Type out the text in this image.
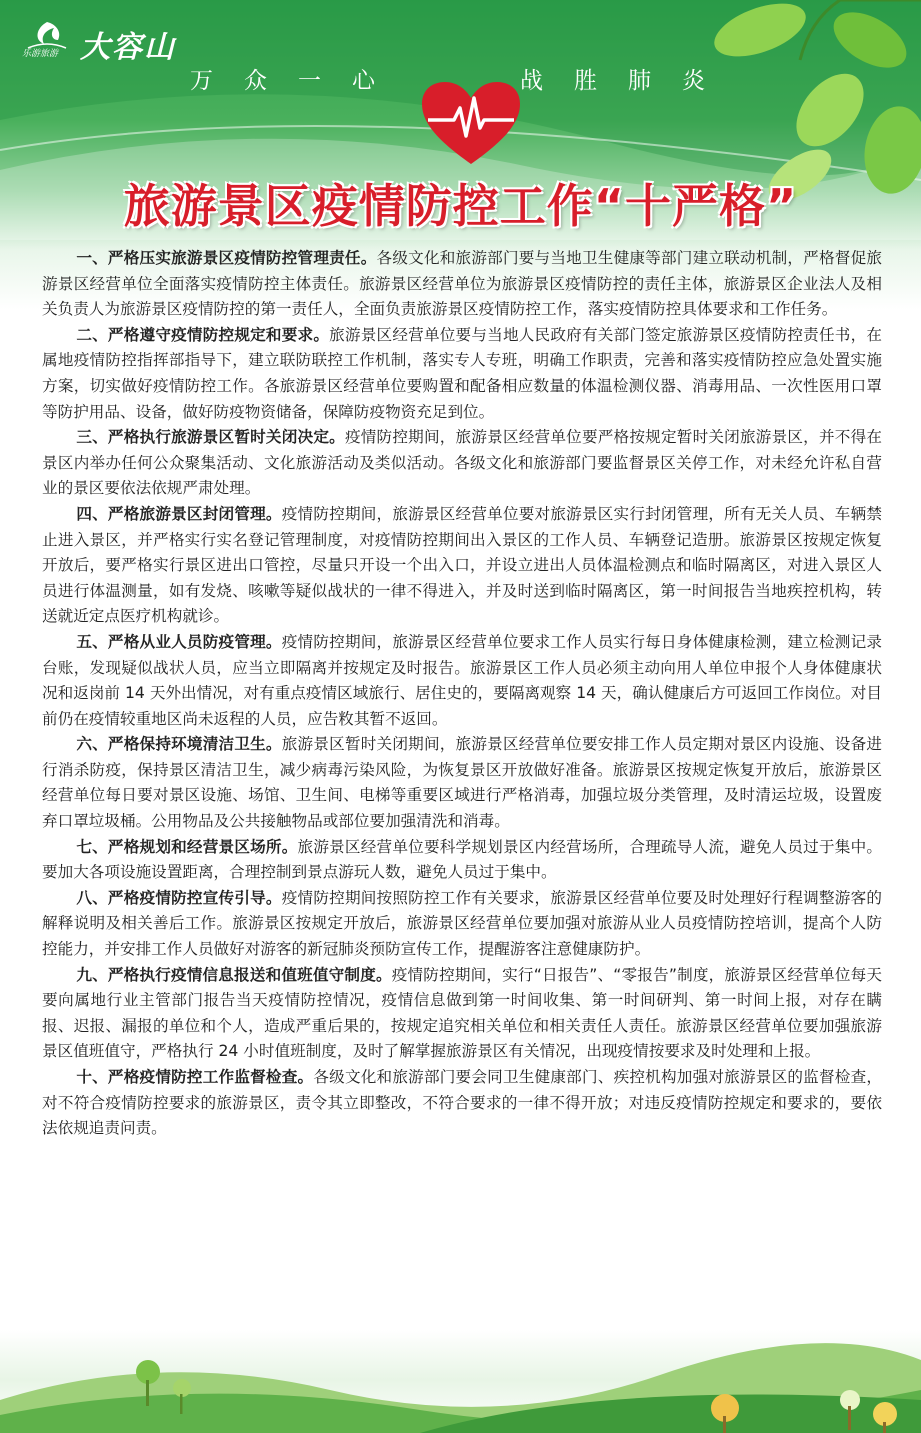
乐游旅游 大容山
万众一心	战胜肺炎
旅游景区疫情防控工作“十严格”

一、严格压实旅游景区疫情防控管理责任。各级文化和旅游部门要与当地卫生健康等部门建立联动机制，严格督促旅游景区经营单位全面落实疫情防控主体责任。旅游景区经营单位为旅游景区疫情防控的责任主体，旅游景区企业法人及相关负责人为旅游景区疫情防控的第一责任人，全面负责旅游景区疫情防控工作，落实疫情防控具体要求和工作任务。

二、严格遵守疫情防控规定和要求。旅游景区经营单位要与当地人民政府有关部门签定旅游景区疫情防控责任书，在属地疫情防控指挥部指导下，建立联防联控工作机制，落实专人专班，明确工作职责，完善和落实疫情防控应急处置实施方案，切实做好疫情防控工作。各旅游景区经营单位要购置和配备相应数量的体温检测仪器、消毒用品、一次性医用口罩等防护用品、设备，做好防疫物资储备，保障防疫物资充足到位。

三、严格执行旅游景区暂时关闭决定。疫情防控期间，旅游景区经营单位要严格按规定暂时关闭旅游景区，并不得在景区内举办任何公众聚集活动、文化旅游活动及类似活动。各级文化和旅游部门要监督景区关停工作，对未经允许私自营业的景区要依法依规严肃处理。

四、严格旅游景区封闭管理。疫情防控期间，旅游景区经营单位要对旅游景区实行封闭管理，所有无关人员、车辆禁止进入景区，并严格实行实名登记管理制度，对疫情防控期间出入景区的工作人员、车辆登记造册。旅游景区按规定恢复开放后，要严格实行景区进出口管控，尽量只开设一个出入口，并设立进出人员体温检测点和临时隔离区，对进入景区人员进行体温测量，如有发烧、咳嗽等疑似战状的一律不得进入，并及时送到临时隔离区，第一时间报告当地疾控机构，转送就近定点医疗机构就诊。

五、严格从业人员防疫管理。疫情防控期间，旅游景区经营单位要求工作人员实行每日身体健康检测，建立检测记录台账，发现疑似战状人员，应当立即隔离并按规定及时报告。旅游景区工作人员必须主动向用人单位申报个人身体健康状况和返岗前 14 天外出情况，对有重点疫情区域旅行、居住史的，要隔离观察 14 天，确认健康后方可返回工作岗位。对目前仍在疫情较重地区尚未返程的人员，应告敉其暂不返回。

六、严格保持环境清洁卫生。旅游景区暂时关闭期间，旅游景区经营单位要安排工作人员定期对景区内设施、设备进行消杀防疫，保持景区清洁卫生，减少病毒污染风险，为恢复景区开放做好准备。旅游景区按规定恢复开放后，旅游景区经营单位每日要对景区设施、场馆、卫生间、电梯等重要区域进行严格消毒，加强垃圾分类管理，及时清运垃圾，设置废弃口罩垃圾桶。公用物品及公共接触物品或部位要加强清洗和消毒。

七、严格规划和经营景区场所。旅游景区经营单位要科学规划景区内经营场所，合理疏导人流，避免人员过于集中。要加大各项设施设置距离，合理控制到景点游玩人数，避免人员过于集中。

八、严格疫情防控宣传引导。疫情防控期间按照防控工作有关要求，旅游景区经营单位要及时处理好行程调整游客的解释说明及相关善后工作。旅游景区按规定开放后，旅游景区经营单位要加强对旅游从业人员疫情防控培训，提高个人防控能力，并安排工作人员做好对游客的新冠肺炎预防宣传工作，提醒游客注意健康防护。

九、严格执行疫情信息报送和值班值守制度。疫情防控期间，实行“日报告”、“零报告”制度，旅游景区经营单位每天要向属地行业主管部门报告当天疫情防控情况，疫情信息做到第一时间收集、第一时间研判、第一时间上报，对存在瞒报、迟报、漏报的单位和个人，造成严重后果的，按规定追究相关单位和相关责任人责任。旅游景区经营单位要加强旅游景区值班值守，严格执行 24 小时值班制度，及时了解掌握旅游景区有关情况，出现疫情按要求及时处理和上报。

十、严格疫情防控工作监督检查。各级文化和旅游部门要会同卫生健康部门、疾控机构加强对旅游景区的监督检查，对不符合疫情防控要求的旅游景区，责令其立即整改，不符合要求的一律不得开放；对违反疫情防控规定和要求的，要依法依规追责问责。
